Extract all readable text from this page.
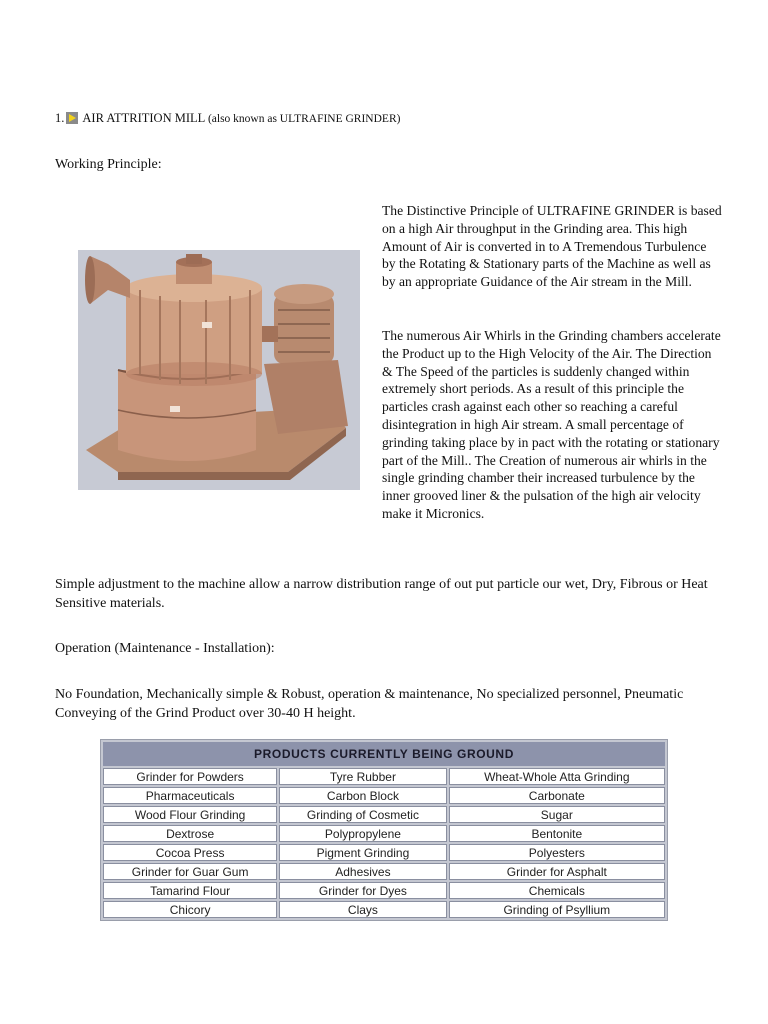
1. AIR ATTRITION MILL (also known as ULTRAFINE GRINDER)
Working Principle:
The Distinctive Principle of ULTRAFINE GRINDER is based on a high Air throughput in the Grinding area. This high Amount of Air is converted in to A Tremendous Turbulence by the Rotating & Stationary parts of the Machine as well as by an appropriate Guidance of the Air stream in the Mill.
The numerous Air Whirls in the Grinding chambers accelerate the Product up to the High Velocity of the Air. The Direction & The Speed of the particles is suddenly changed within extremely short periods. As a result of this principle the particles crash against each other so reaching a careful disintegration in high Air stream. A small percentage of grinding taking place by in pact with the rotating or stationary part of the Mill.. The Creation of numerous air whirls in the single grinding chamber their increased turbulence by the inner grooved liner & the pulsation of the high air velocity make it Micronics.
Simple adjustment to the machine allow a narrow distribution range of out put particle our wet, Dry, Fibrous or Heat Sensitive materials.
Operation (Maintenance - Installation):
No Foundation, Mechanically simple & Robust, operation & maintenance, No specialized personnel, Pneumatic Conveying of the Grind Product over 30-40 H height.
PRODUCTS CURRENTLY BEING GROUND		
Grinder for Powders	Tyre Rubber	Wheat-Whole Atta Grinding
Pharmaceuticals	Carbon Block	Carbonate
Wood Flour Grinding	Grinding of Cosmetic	Sugar
Dextrose	Polypropylene	Bentonite
Cocoa Press	Pigment Grinding	Polyesters
Grinder for Guar Gum	Adhesives	Grinder for Asphalt
Tamarind Flour	Grinder for Dyes	Chemicals
Chicory	Clays	Grinding of Psyllium
